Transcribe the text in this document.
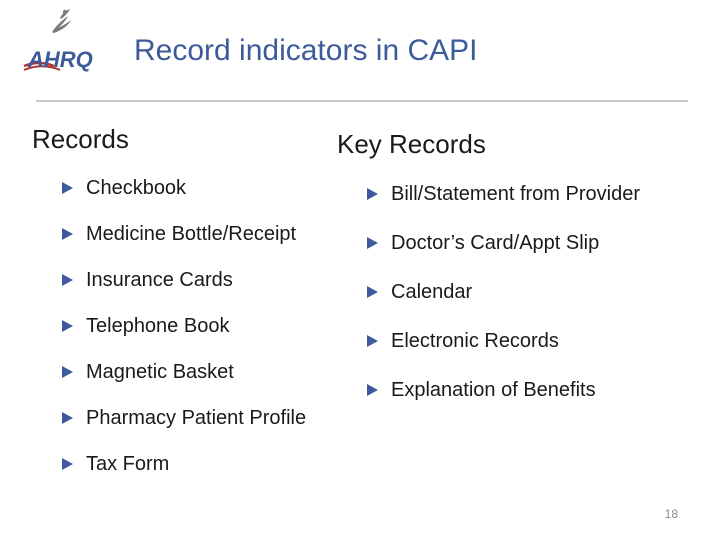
AHRQ Record indicators in CAPI
Records
Checkbook
Medicine Bottle/Receipt
Insurance Cards
Telephone Book
Magnetic Basket
Pharmacy Patient Profile
Tax Form
Key Records
Bill/Statement from Provider
Doctor’s Card/Appt Slip
Calendar
Electronic Records
Explanation of Benefits
18
